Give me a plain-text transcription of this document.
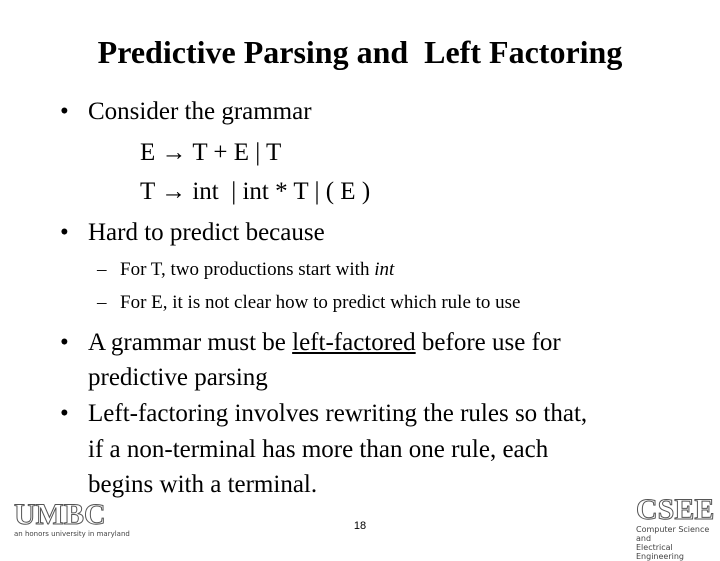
Predictive Parsing and  Left Factoring
• Consider the grammar
E → T + E | T
T → int  | int * T | ( E )
• Hard to predict because
– For T, two productions start with int
– For E, it is not clear how to predict which rule to use
• A grammar must be left-factored before use for
predictive parsing
• Left-factoring involves rewriting the rules so that,
if a non-terminal has more than one rule, each
begins with a terminal.
UMBC
an honors university in maryland
18	CSEE
Computer Science and
Electrical Engineering
